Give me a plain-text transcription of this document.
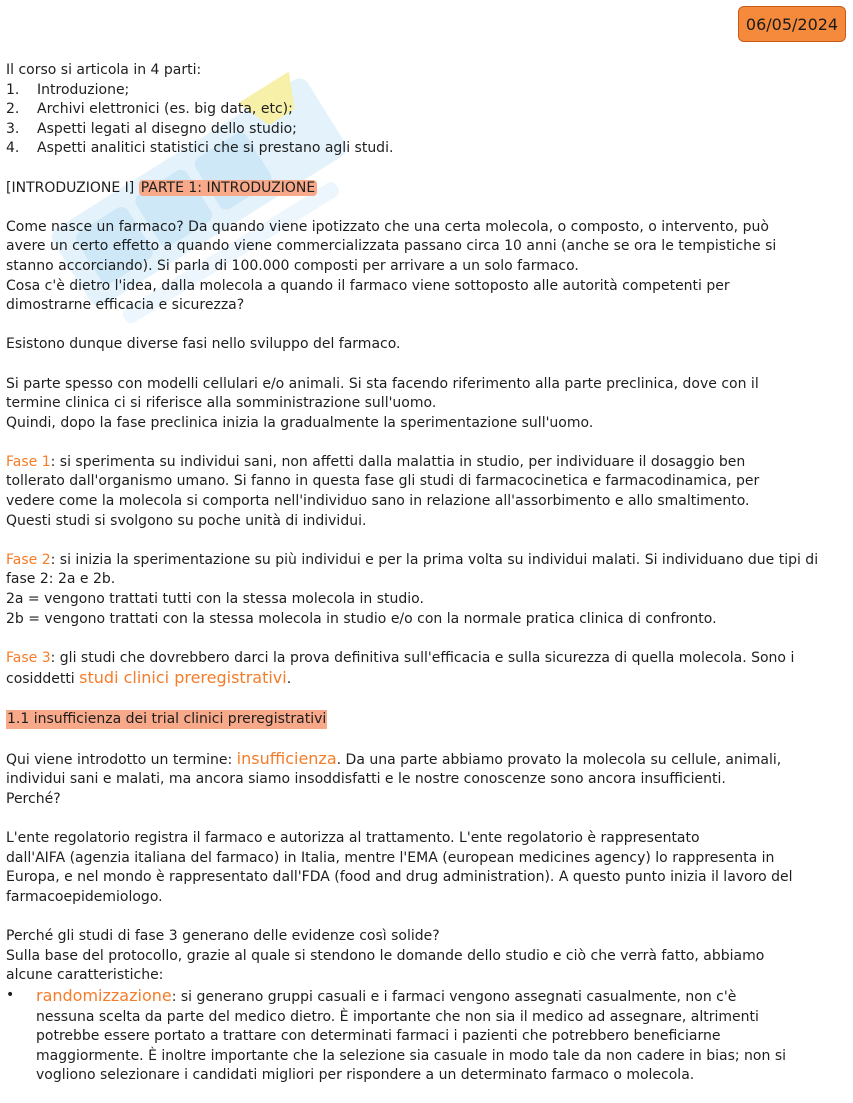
06/05/2024

Il corso si articola in 4 parti:

1.	Introduzione;
2.	Archivi elettronici (es. big data, etc);
3.	Aspetti legati al disegno dello studio;
4.	Aspetti analitici statistici che si prestano agli studi.

[INTRODUZIONE I] PARTE 1: INTRODUZIONE

Come nasce un farmaco? Da quando viene ipotizzato che una certa molecola, o composto, o intervento, può

avere un certo effetto a quando viene commercializzata passano circa 10 anni (anche se ora le tempistiche si

stanno accorciando). Si parla di 100.000 composti per arrivare a un solo farmaco.

Cosa c'è dietro l'idea, dalla molecola a quando il farmaco viene sottoposto alle autorità competenti per

dimostrarne efficacia e sicurezza?

Esistono dunque diverse fasi nello sviluppo del farmaco.

Si parte spesso con modelli cellulari e/o animali. Si sta facendo riferimento alla parte preclinica, dove con il

termine clinica ci si riferisce alla somministrazione sull'uomo.

Quindi, dopo la fase preclinica inizia la gradualmente la sperimentazione sull'uomo.

Fase 1: si sperimenta su individui sani, non affetti dalla malattia in studio, per individuare il dosaggio ben

tollerato dall'organismo umano. Si fanno in questa fase gli studi di farmacocinetica e farmacodinamica, per

vedere come la molecola si comporta nell'individuo sano in relazione all'assorbimento e allo smaltimento.

Questi studi si svolgono su poche unità di individui.

Fase 2: si inizia la sperimentazione su più individui e per la prima volta su individui malati. Si individuano due tipi di

fase 2: 2a e 2b.

2a = vengono trattati tutti con la stessa molecola in studio.

2b = vengono trattati con la stessa molecola in studio e/o con la normale pratica clinica di confronto.

Fase 3: gli studi che dovrebbero darci la prova definitiva sull'efficacia e sulla sicurezza di quella molecola. Sono i

cosiddetti studi clinici preregistrativi.

1.1 insufficienza dei trial clinici preregistrativi

Qui viene introdotto un termine: insufficienza. Da una parte abbiamo provato la molecola su cellule, animali,

individui sani e malati, ma ancora siamo insoddisfatti e le nostre conoscenze sono ancora insufficienti.

Perché?

L'ente regolatorio registra il farmaco e autorizza al trattamento. L'ente regolatorio è rappresentato

dall'AIFA (agenzia italiana del farmaco) in Italia, mentre l'EMA (european medicines agency) lo rappresenta in

Europa, e nel mondo è rappresentato dall'FDA (food and drug administration). A questo punto inizia il lavoro del

farmacoepidemiologo.

Perché gli studi di fase 3 generano delle evidenze così solide?

Sulla base del protocollo, grazie al quale si stendono le domande dello studio e ciò che verrà fatto, abbiamo

alcune caratteristiche:

•	randomizzazione: si generano gruppi casuali e i farmaci vengono assegnati casualmente, non c'è

nessuna scelta da parte del medico dietro. È importante che non sia il medico ad assegnare, altrimenti

potrebbe essere portato a trattare con determinati farmaci i pazienti che potrebbero beneficiarne

maggiormente. È inoltre importante che la selezione sia casuale in modo tale da non cadere in bias; non si

vogliono selezionare i candidati migliori per rispondere a un determinato farmaco o molecola.
